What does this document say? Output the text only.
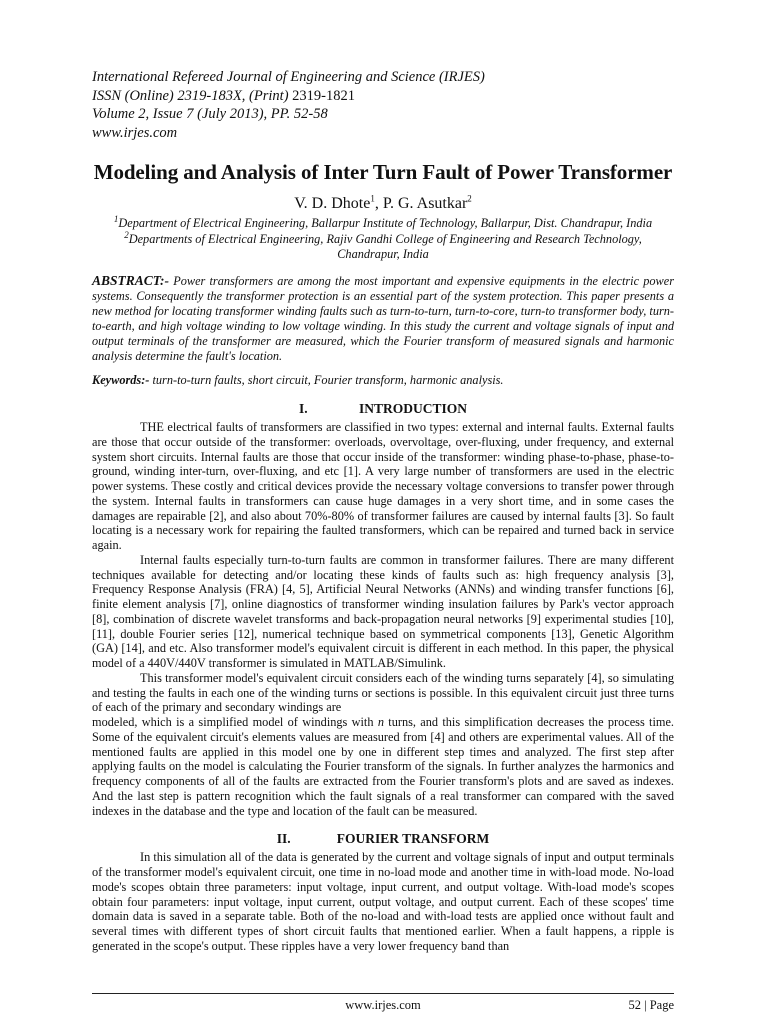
International Refereed Journal of Engineering and Science (IRJES)
ISSN (Online) 2319-183X, (Print) 2319-1821
Volume 2, Issue 7 (July 2013), PP. 52-58
www.irjes.com
Modeling and Analysis of Inter Turn Fault of Power Transformer
V. D. Dhote$^1$, P. G. Asutkar$^2$
$^1$Department of Electrical Engineering, Ballarpur Institute of Technology, Ballarpur, Dist. Chandrapur, India
$^2$Departments of Electrical Engineering, Rajiv Gandhi College of Engineering and Research Technology, Chandrapur, India
ABSTRACT:- Power transformers are among the most important and expensive equipments in the electric power systems. Consequently the transformer protection is an essential part of the system protection. This paper presents a new method for locating transformer winding faults such as turn-to-turn, turn-to-core, turn-to transformer body, turn-to-earth, and high voltage winding to low voltage winding. In this study the current and voltage signals of input and output terminals of the transformer are measured, which the Fourier transform of measured signals and harmonic analysis determine the fault's location.
Keywords:- turn-to-turn faults, short circuit, Fourier transform, harmonic analysis.
I.	INTRODUCTION
THE electrical faults of transformers are classified in two types: external and internal faults. External faults are those that occur outside of the transformer: overloads, overvoltage, over-fluxing, under frequency, and external system short circuits. Internal faults are those that occur inside of the transformer: winding phase-to-phase, phase-to-ground, winding inter-turn, over-fluxing, and etc [1]. A very large number of transformers are used in the electric power systems. These costly and critical devices provide the necessary voltage conversions to transfer power through the system. Internal faults in transformers can cause huge damages in a very short time, and in some cases the damages are repairable [2], and also about 70%-80% of transformer failures are caused by internal faults [3]. So fault locating is a necessary work for repairing the faulted transformers, which can be repaired and turned back in service again.
Internal faults especially turn-to-turn faults are common in transformer failures. There are many different techniques available for detecting and/or locating these kinds of faults such as: high frequency analysis [3], Frequency Response Analysis (FRA) [4, 5], Artificial Neural Networks (ANNs) and winding transfer functions [6], finite element analysis [7], online diagnostics of transformer winding insulation failures by Park's vector approach [8], combination of discrete wavelet transforms and back-propagation neural networks [9] experimental studies [10], [11], double Fourier series [12], numerical technique based on symmetrical components [13], Genetic Algorithm (GA) [14], and etc. Also transformer model's equivalent circuit is different in each method. In this paper, the physical model of a 440V/440V transformer is simulated in MATLAB/Simulink.
This transformer model's equivalent circuit considers each of the winding turns separately [4], so simulating and testing the faults in each one of the winding turns or sections is possible. In this equivalent circuit just three turns of each of the primary and secondary windings are
modeled, which is a simplified model of windings with n turns, and this simplification decreases the process time. Some of the equivalent circuit's elements values are measured from [4] and others are experimental values. All of the mentioned faults are applied in this model one by one in different step times and analyzed. The first step after applying faults on the model is calculating the Fourier transform of the signals. In further analyzes the harmonics and frequency components of all of the faults are extracted from the Fourier transform's plots and are saved as indexes. And the last step is pattern recognition which the fault signals of a real transformer can compared with the saved indexes in the database and the type and location of the fault can be measured.
II.	FOURIER TRANSFORM
In this simulation all of the data is generated by the current and voltage signals of input and output terminals of the transformer model's equivalent circuit, one time in no-load mode and another time in with-load mode. No-load mode's scopes obtain three parameters: input voltage, input current, and output voltage. With-load mode's scopes obtain four parameters: input voltage, input current, output voltage, and output current. Each of these scopes' time domain data is saved in a separate table. Both of the no-load and with-load tests are applied once without fault and several times with different types of short circuit faults that mentioned earlier. When a fault happens, a ripple is generated in the scope's output. These ripples have a very lower frequency band than
www.irjes.com	52 | Page
